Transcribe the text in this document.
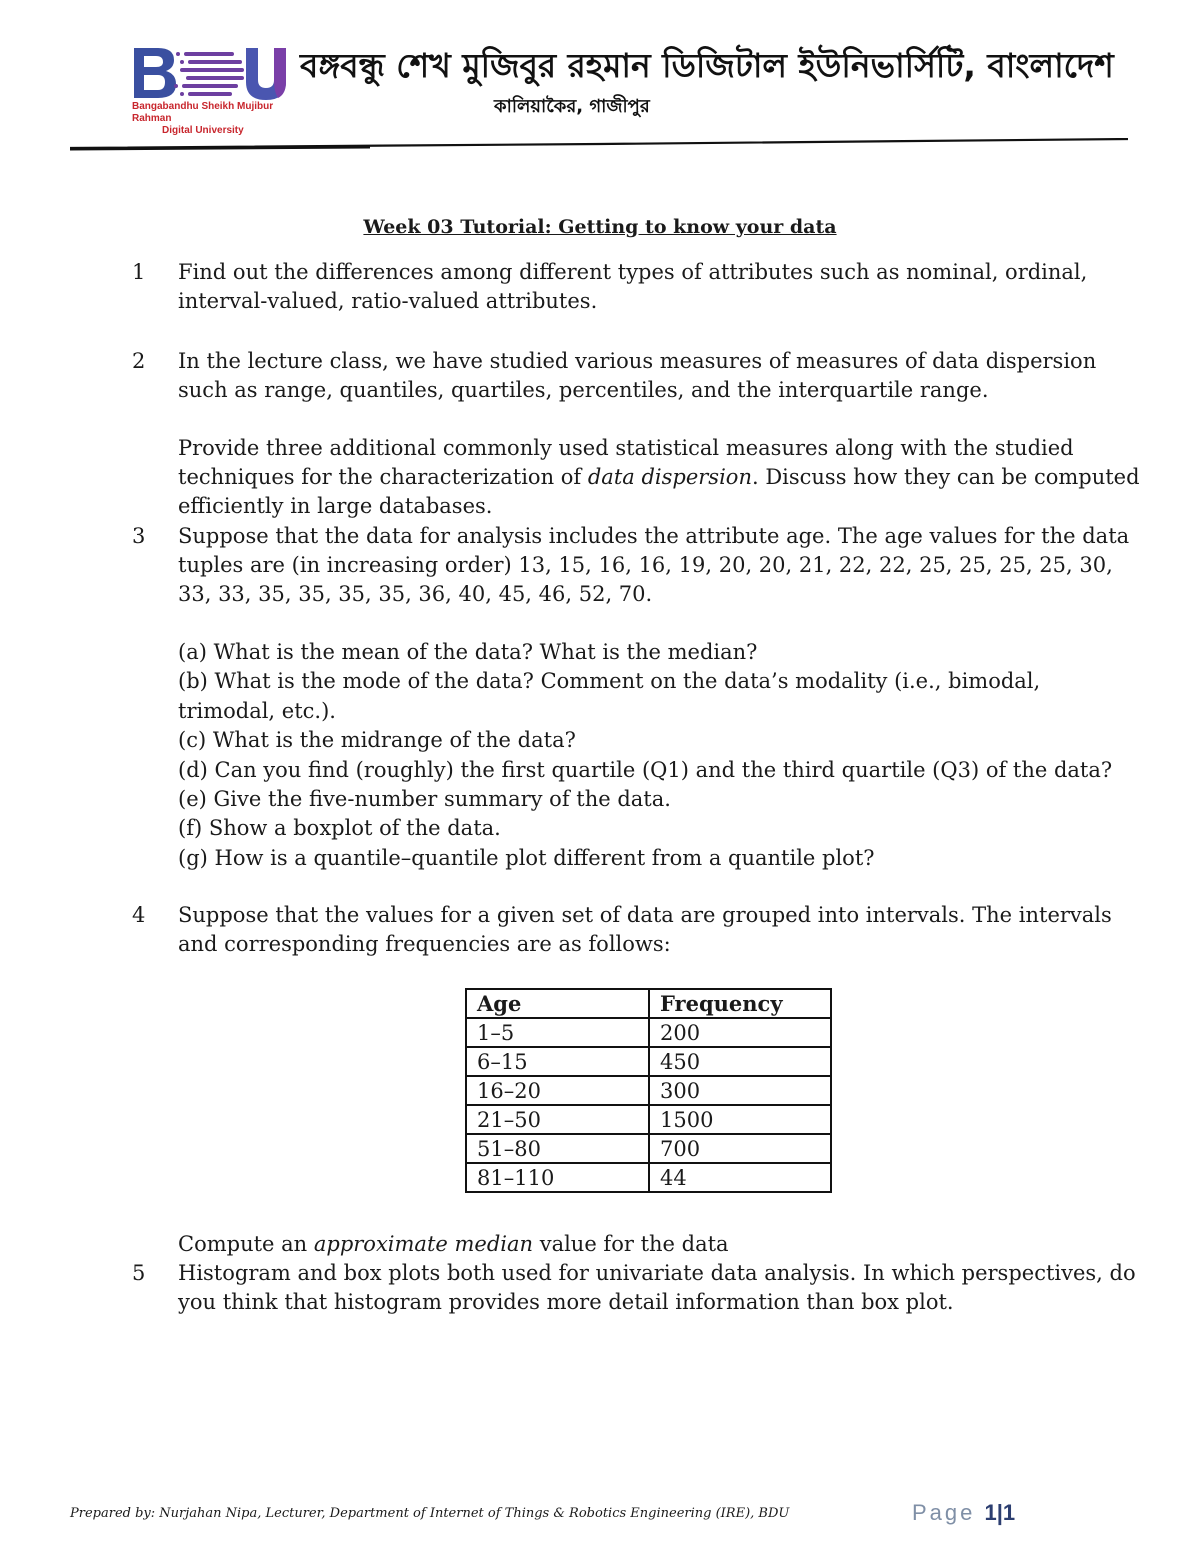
Bangabandhu Sheikh Mujibur Rahman
Digital University
বঙ্গবন্ধু শেখ মুজিবুর রহমান ডিজিটাল ইউনিভার্সিটি, বাংলাদেশ
কালিয়াকৈর, গাজীপুর
Week 03 Tutorial: Getting to know your data
1 Find out the differences among different types of attributes such as nominal, ordinal,
interval-valued, ratio-valued attributes.
2 In the lecture class, we have studied various measures of measures of data dispersion
such as range, quantiles, quartiles, percentiles, and the interquartile range.
Provide three additional commonly used statistical measures along with the studied
techniques for the characterization of data dispersion. Discuss how they can be computed
efficiently in large databases.
3 Suppose that the data for analysis includes the attribute age. The age values for the data
tuples are (in increasing order) 13, 15, 16, 16, 19, 20, 20, 21, 22, 22, 25, 25, 25, 25, 30,
33, 33, 35, 35, 35, 35, 36, 40, 45, 46, 52, 70.
(a) What is the mean of the data? What is the median?
(b) What is the mode of the data? Comment on the data’s modality (i.e., bimodal,
trimodal, etc.).
(c) What is the midrange of the data?
(d) Can you find (roughly) the first quartile (Q1) and the third quartile (Q3) of the data?
(e) Give the five-number summary of the data.
(f) Show a boxplot of the data.
(g) How is a quantile–quantile plot different from a quantile plot?
4 Suppose that the values for a given set of data are grouped into intervals. The intervals
and corresponding frequencies are as follows:
Age	Frequency
1–5	200
6–15	450
16–20	300
21–50	1500
51–80	700
81–110	44
Compute an approximate median value for the data
5 Histogram and box plots both used for univariate data analysis. In which perspectives, do
you think that histogram provides more detail information than box plot.
Prepared by: Nurjahan Nipa, Lecturer, Department of Internet of Things & Robotics Engineering (IRE), BDU	Page 1|1
